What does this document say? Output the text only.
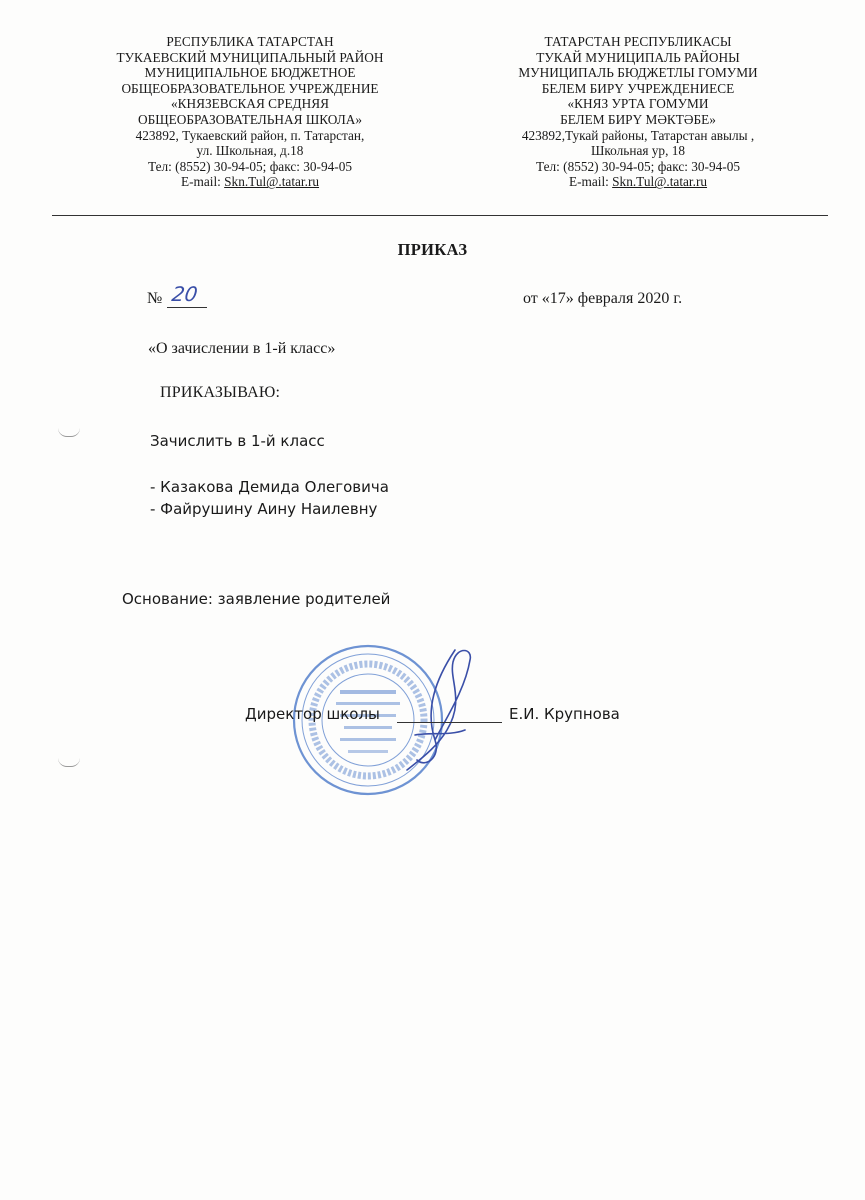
РЕСПУБЛИКА ТАТАРСТАН
ТУКАЕВСКИЙ МУНИЦИПАЛЬНЫЙ РАЙОН
МУНИЦИПАЛЬНОЕ БЮДЖЕТНОЕ
ОБЩЕОБРАЗОВАТЕЛЬНОЕ УЧРЕЖДЕНИЕ
«КНЯЗЕВСКАЯ СРЕДНЯЯ
ОБЩЕОБРАЗОВАТЕЛЬНАЯ ШКОЛА»
423892, Тукаевский район, п. Татарстан,
ул. Школьная, д.18
Тел: (8552) 30-94-05; факс: 30-94-05
E-mail: Skn.Tul@.tatar.ru
ТАТАРСТАН РЕСПУБЛИКАСЫ
ТУКАЙ МУНИЦИПАЛЬ РАЙОНЫ
МУНИЦИПАЛЬ БЮДЖЕТЛЫ ГОМУМИ
БЕЛЕМ БИРҮ УЧРЕЖДЕНИЕСЕ
«КНЯЗ УРТА ГОМУМИ
БЕЛЕМ БИРҮ МӘКТӘБЕ»
423892,Тукай районы, Татарстан авылы ,
Школьная ур, 18
Тел: (8552) 30-94-05; факс: 30-94-05
E-mail: Skn.Tul@.tatar.ru
ПРИКАЗ
№ 20	от «17» февраля 2020 г.
«О зачислении в 1-й класс»
ПРИКАЗЫВАЮ:
Зачислить в 1-й класс
- Казакова Демида Олеговича
- Файрушину Аину Наилевну
Основание: заявление родителей
Директор школы	Е.И. Крупнова
